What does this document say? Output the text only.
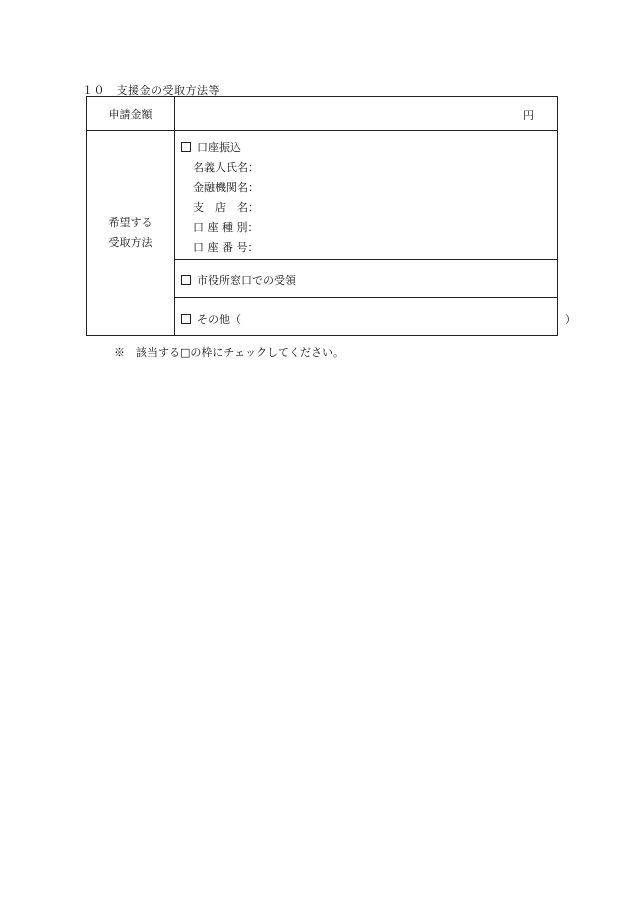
１０　支援金の受取方法等
申請金額	円
希望する
受取方法
口座振込
名義人氏名：
金融機関名：
支　店　名：
口 座 種 別：
口 座 番 号：
市役所窓口での受領
その他（	）
※　該当する□の枠にチェックしてください。
